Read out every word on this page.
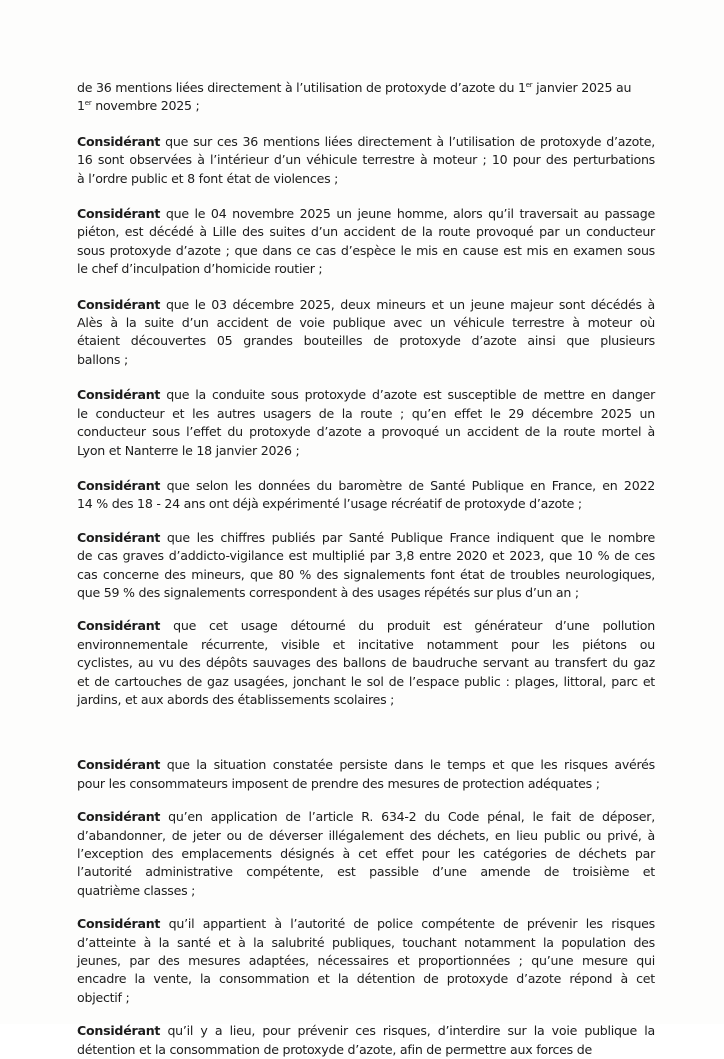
de 36 mentions liées directement à l’utilisation de protoxyde d’azote du 1er janvier 2025 au
1er novembre 2025 ;

Considérant que sur ces 36 mentions liées directement à l’utilisation de protoxyde d’azote,
16 sont observées à l’intérieur d’un véhicule terrestre à moteur ; 10 pour des perturbations
à l’ordre public et 8 font état de violences ;

Considérant que le 04 novembre 2025 un jeune homme, alors qu’il traversait au passage
piéton, est décédé à Lille des suites d’un accident de la route provoqué par un conducteur
sous protoxyde d’azote ; que dans ce cas d’espèce le mis en cause est mis en examen sous
le chef d’inculpation d’homicide routier ;

Considérant que le 03 décembre 2025, deux mineurs et un jeune majeur sont décédés à
Alès à la suite d’un accident de voie publique avec un véhicule terrestre à moteur où
étaient découvertes 05 grandes bouteilles de protoxyde d’azote ainsi que plusieurs
ballons ;

Considérant que la conduite sous protoxyde d’azote est susceptible de mettre en danger
le conducteur et les autres usagers de la route ; qu’en effet le 29 décembre 2025 un
conducteur sous l’effet du protoxyde d’azote a provoqué un accident de la route mortel à
Lyon et Nanterre le 18 janvier 2026 ;

Considérant que selon les données du baromètre de Santé Publique en France, en 2022
14 % des 18 - 24 ans ont déjà expérimenté l’usage récréatif de protoxyde d’azote ;

Considérant que les chiffres publiés par Santé Publique France indiquent que le nombre
de cas graves d’addicto-vigilance est multiplié par 3,8 entre 2020 et 2023, que 10 % de ces
cas concerne des mineurs, que 80 % des signalements font état de troubles neurologiques,
que 59 % des signalements correspondent à des usages répétés sur plus d’un an ;

Considérant que cet usage détourné du produit est générateur d’une pollution
environnementale récurrente, visible et incitative notamment pour les piétons ou
cyclistes, au vu des dépôts sauvages des ballons de baudruche servant au transfert du gaz
et de cartouches de gaz usagées, jonchant le sol de l’espace public : plages, littoral, parc et
jardins, et aux abords des établissements scolaires ;

Considérant que la situation constatée persiste dans le temps et que les risques avérés
pour les consommateurs imposent de prendre des mesures de protection adéquates ;

Considérant qu’en application de l’article R. 634-2 du Code pénal, le fait de déposer,
d’abandonner, de jeter ou de déverser illégalement des déchets, en lieu public ou privé, à
l’exception des emplacements désignés à cet effet pour les catégories de déchets par
l’autorité administrative compétente, est passible d’une amende de troisième et
quatrième classes ;

Considérant qu’il appartient à l’autorité de police compétente de prévenir les risques
d’atteinte à la santé et à la salubrité publiques, touchant notamment la population des
jeunes, par des mesures adaptées, nécessaires et proportionnées ; qu’une mesure qui
encadre la vente, la consommation et la détention de protoxyde d’azote répond à cet
objectif ;

Considérant qu’il y a lieu, pour prévenir ces risques, d’interdire sur la voie publique la
détention et la consommation de protoxyde d’azote, afin de permettre aux forces de
